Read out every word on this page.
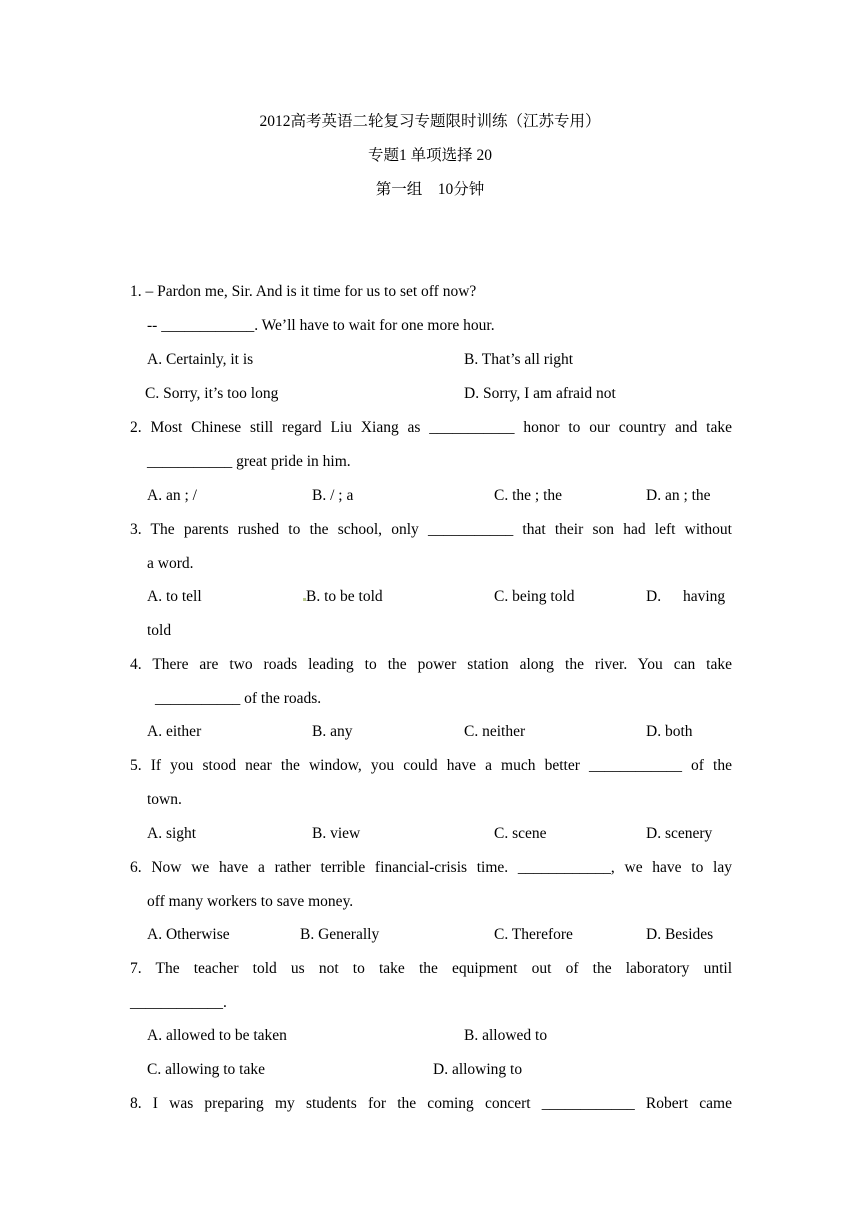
2012高考英语二轮复习专题限时训练（江苏专用）
专题1 单项选择 20
第一组    10分钟
1. – Pardon me, Sir. And is it time for us to set off now?
-- ____________. We’ll have to wait for one more hour.
A. Certainly, it is	B. That’s all right
C. Sorry, it’s too long	D. Sorry, I am afraid not
2. Most Chinese still regard Liu Xiang as ___________ honor to our country and take
___________ great pride in him.
A. an ; /	B. / ; a	C. the ; the	D. an ; the
3. The parents rushed to the school, only ___________ that their son had left without
a word.
A. to tell	B. to be told	C. being told	D. having
told
4. There are two roads leading to the power station along the river. You can take
___________ of the roads.
A. either	B. any	C. neither	D. both
5. If you stood near the window, you could have a much better ____________ of the
town.
A. sight	B. view	C. scene	D. scenery
6. Now we have a rather terrible financial-crisis time. ____________, we have to lay
off many workers to save money.
A. Otherwise	B. Generally	C. Therefore	D. Besides
7. The teacher told us not to take the equipment out of the laboratory until
____________.
A. allowed to be taken	B. allowed to
C. allowing to take	D. allowing to
8. I was preparing my students for the coming concert ____________ Robert came
